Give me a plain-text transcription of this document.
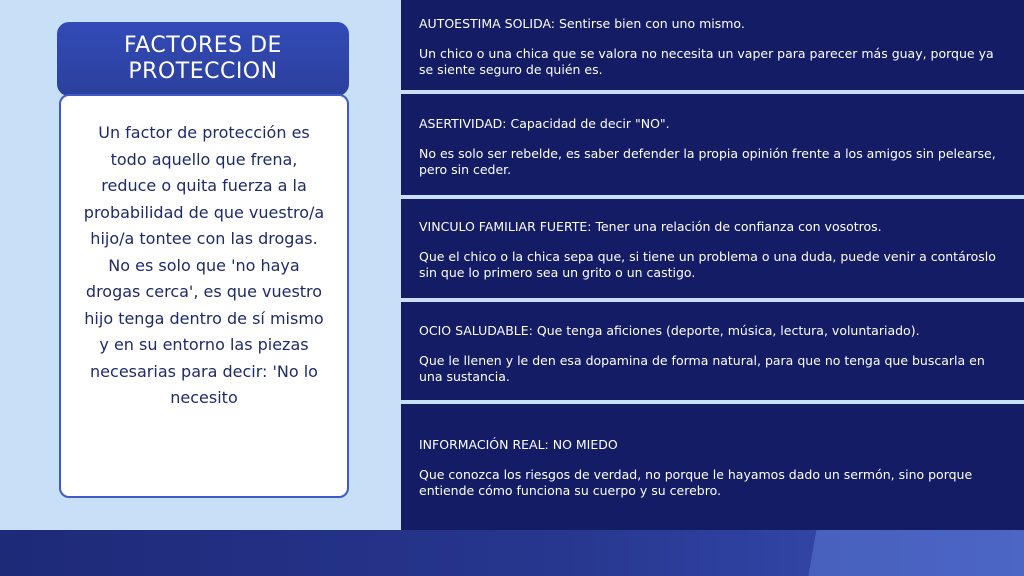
FACTORES DE PROTECCION

Un factor de protección es todo aquello que frena, reduce o quita fuerza a la probabilidad de que vuestro/a hijo/a tontee con las drogas.

No es solo que 'no haya drogas cerca', es que vuestro hijo tenga dentro de sí mismo y en su entorno las piezas necesarias para decir: 'No lo necesito

AUTOESTIMA SOLIDA: Sentirse bien con uno mismo.

Un chico o una chica que se valora no necesita un vaper para parecer más guay, porque ya se siente seguro de quién es.

ASERTIVIDAD: Capacidad de decir "NO".

No es solo ser rebelde, es saber defender la propia opinión frente a los amigos sin pelearse, pero sin ceder.

VINCULO FAMILIAR FUERTE: Tener una relación de confianza con vosotros.

Que el chico o la chica sepa que, si tiene un problema o una duda, puede venir a contároslo sin que lo primero sea un grito o un castigo.

OCIO SALUDABLE: Que tenga aficiones (deporte, música, lectura, voluntariado).

Que le llenen y le den esa dopamina de forma natural, para que no tenga que buscarla en una sustancia.

INFORMACIÓN REAL: NO MIEDO

Que conozca los riesgos de verdad, no porque le hayamos dado un sermón, sino porque entiende cómo funciona su cuerpo y su cerebro.
